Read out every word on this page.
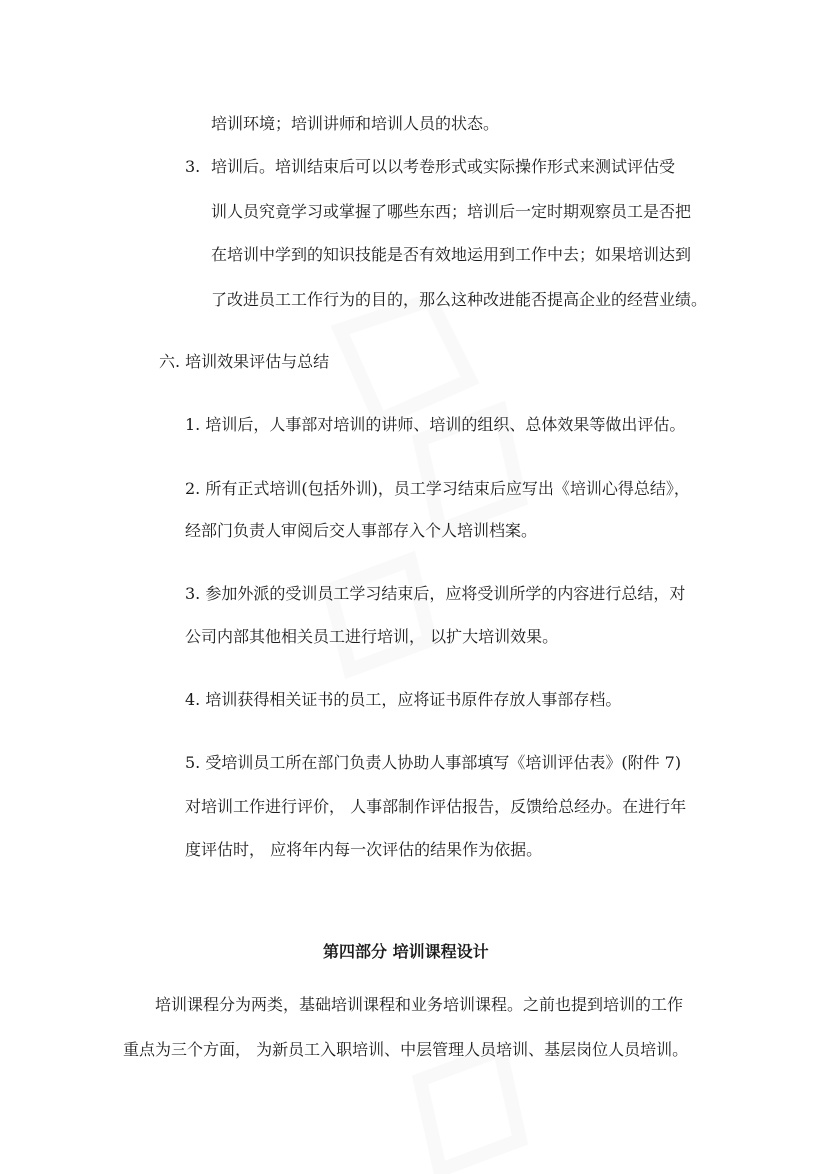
培训环境；培训讲师和培训人员的状态。
3. 培训后。培训结束后可以以考卷形式或实际操作形式来测试评估受
训人员究竟学习或掌握了哪些东西；培训后一定时期观察员工是否把
在培训中学到的知识技能是否有效地运用到工作中去；如果培训达到
了改进员工工作行为的目的，那么这种改进能否提高企业的经营业绩。
六. 培训效果评估与总结
1. 培训后，人事部对培训的讲师、培训的组织、总体效果等做出评估。
2. 所有正式培训(包括外训)，员工学习结束后应写出《培训心得总结》，
经部门负责人审阅后交人事部存入个人培训档案。
3. 参加外派的受训员工学习结束后，应将受训所学的内容进行总结，对
公司内部其他相关员工进行培训， 以扩大培训效果。
4. 培训获得相关证书的员工，应将证书原件存放人事部存档。
5. 受培训员工所在部门负责人协助人事部填写《培训评估表》(附件 7)
对培训工作进行评价， 人事部制作评估报告，反馈给总经办。在进行年
度评估时， 应将年内每一次评估的结果作为依据。
第四部分 培训课程设计
培训课程分为两类，基础培训课程和业务培训课程。之前也提到培训的工作
重点为三个方面， 为新员工入职培训、中层管理人员培训、基层岗位人员培训。
